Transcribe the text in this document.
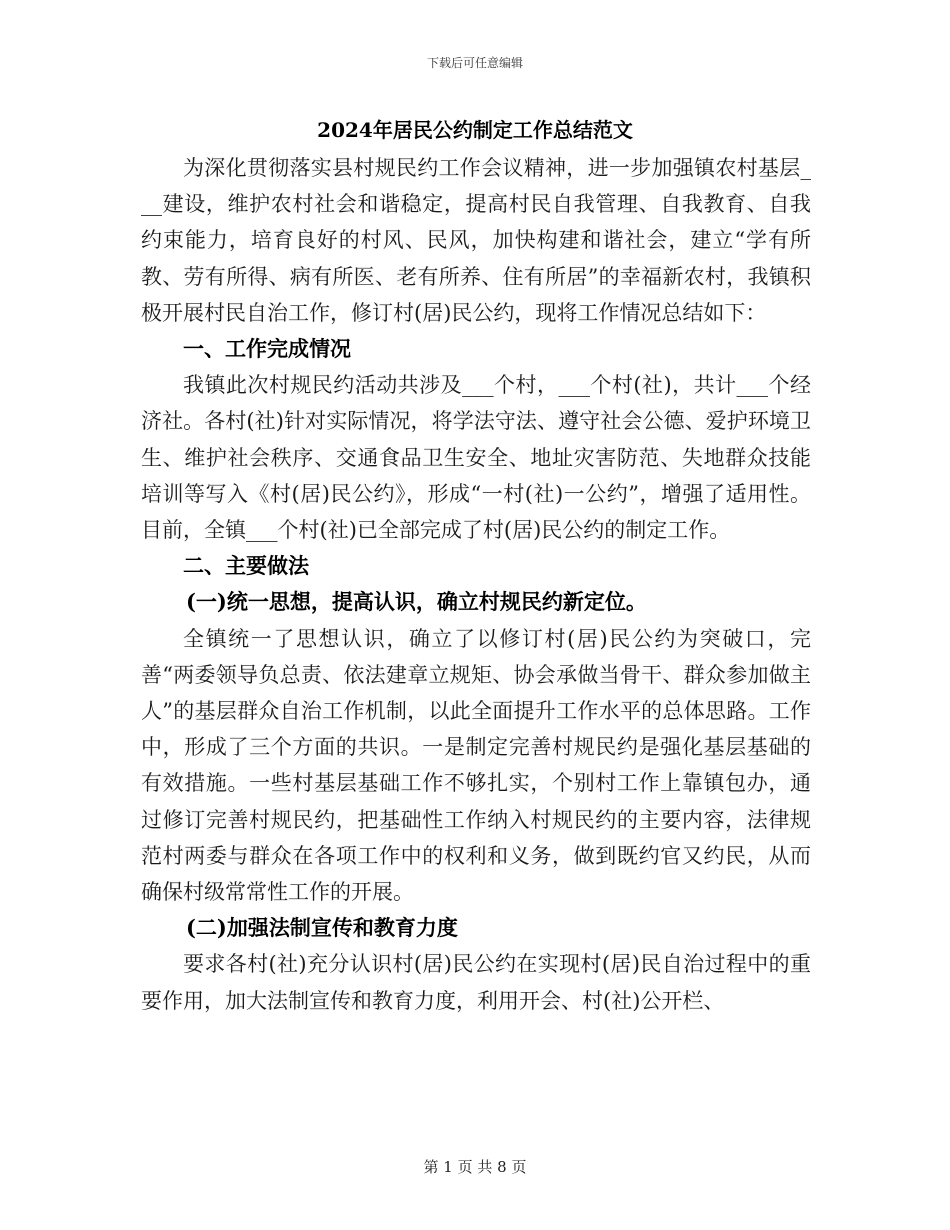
下载后可任意编辑
2024年居民公约制定工作总结范文

为深化贯彻落实县村规民约工作会议精神，进一步加强镇农村基层___建设，维护农村社会和谐稳定，提高村民自我管理、自我教育、自我约束能力，培育良好的村风、民风，加快构建和谐社会，建立“学有所教、劳有所得、病有所医、老有所养、住有所居”的幸福新农村，我镇积极开展村民自治工作，修订村(居)民公约，现将工作情况总结如下：

一、工作完成情况

我镇此次村规民约活动共涉及___个村，___个村(社)，共计___个经济社。各村(社)针对实际情况，将学法守法、遵守社会公德、爱护环境卫生、维护社会秩序、交通食品卫生安全、地址灾害防范、失地群众技能培训等写入《村(居)民公约》，形成“一村(社)一公约”，增强了适用性。目前，全镇___个村(社)已全部完成了村(居)民公约的制定工作。

二、主要做法

(一)统一思想，提高认识，确立村规民约新定位。

全镇统一了思想认识，确立了以修订村(居)民公约为突破口，完善“两委领导负总责、依法建章立规矩、协会承做当骨干、群众参加做主人”的基层群众自治工作机制，以此全面提升工作水平的总体思路。工作中，形成了三个方面的共识。一是制定完善村规民约是强化基层基础的有效措施。一些村基层基础工作不够扎实，个别村工作上靠镇包办，通过修订完善村规民约，把基础性工作纳入村规民约的主要内容，法律规范村两委与群众在各项工作中的权利和义务，做到既约官又约民，从而确保村级常常性工作的开展。

(二)加强法制宣传和教育力度

要求各村(社)充分认识村(居)民公约在实现村(居)民自治过程中的重要作用，加大法制宣传和教育力度，利用开会、村(社)公开栏、

第 1 页 共 8 页
